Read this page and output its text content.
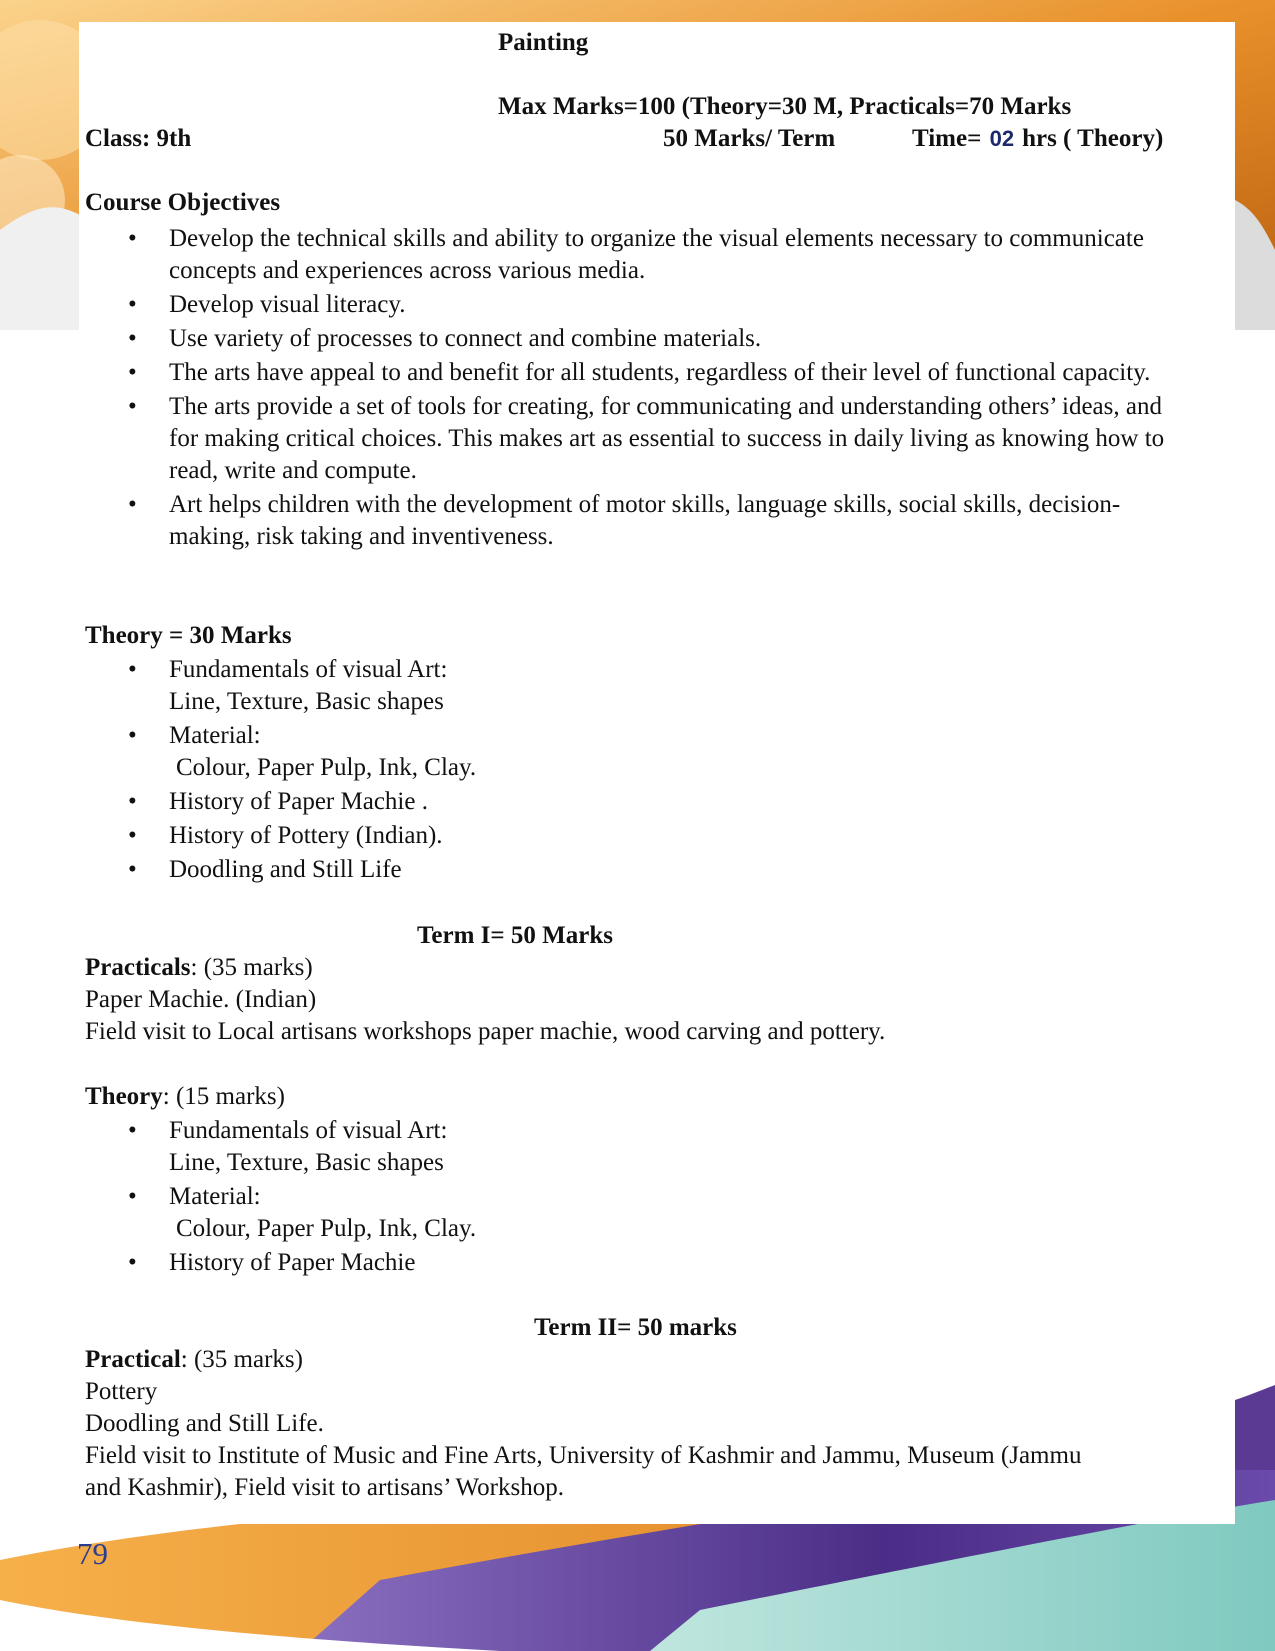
Painting
Max Marks=100 (Theory=30 M, Practicals=70 Marks
Class: 9th	50 Marks/ Term	Time= 02 hrs ( Theory)
Course Objectives
• Develop the technical skills and ability to organize the visual elements necessary to communicate concepts and experiences across various media.
• Develop visual literacy.
• Use variety of processes to connect and combine materials.
• The arts have appeal to and benefit for all students, regardless of their level of functional capacity.
• The arts provide a set of tools for creating, for communicating and understanding others’ ideas, and for making critical choices. This makes art as essential to success in daily living as knowing how to read, write and compute.
• Art helps children with the development of motor skills, language skills, social skills, decision-making, risk taking and inventiveness.
Theory = 30 Marks
• Fundamentals of visual Art:
Line, Texture, Basic shapes
• Material:
Colour, Paper Pulp, Ink, Clay.
• History of Paper Machie .
• History of Pottery (Indian).
• Doodling and Still Life
Term I= 50 Marks
Practicals: (35 marks)
Paper Machie. (Indian)
Field visit to Local artisans workshops paper machie, wood carving and pottery.
Theory: (15 marks)
• Fundamentals of visual Art:
Line, Texture, Basic shapes
• Material:
Colour, Paper Pulp, Ink, Clay.
• History of Paper Machie
Term II= 50 marks
Practical: (35 marks)
Pottery
Doodling and Still Life.
Field visit to Institute of Music and Fine Arts, University of Kashmir and Jammu, Museum (Jammu
and Kashmir), Field visit to artisans’ Workshop.
79
